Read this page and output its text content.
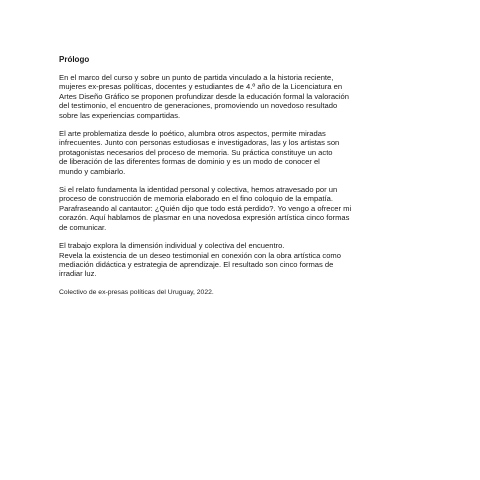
Prólogo
En el marco del curso y sobre un punto de partida vinculado a la historia reciente,
mujeres ex-presas políticas, docentes y estudiantes de 4.º año de la Licenciatura en
Artes Diseño Gráfico se proponen profundizar desde la educación formal la valoración
del testimonio, el encuentro de generaciones, promoviendo un novedoso resultado
sobre las experiencias compartidas.
El arte problematiza desde lo poético, alumbra otros aspectos, permite miradas
infrecuentes. Junto con personas estudiosas e investigadoras, las y los artistas son
protagonistas necesarios del proceso de memoria. Su práctica constituye un acto
de liberación de las diferentes formas de dominio y es un modo de conocer el
mundo y cambiarlo.
Si el relato fundamenta la identidad personal y colectiva, hemos atravesado por un
proceso de construcción de memoria elaborado en el fino coloquio de la empatía.
Parafraseando al cantautor: ¿Quién dijo que todo está perdido?. Yo vengo a ofrecer mi
corazón. Aquí hablamos de plasmar en una novedosa expresión artística cinco formas
de comunicar.
El trabajo explora la dimensión individual y colectiva del encuentro.
Revela la existencia de un deseo testimonial en conexión con la obra artística como
mediación didáctica y estrategia de aprendizaje. El resultado son cinco formas de
irradiar luz.
Colectivo de ex-presas políticas del Uruguay, 2022.
